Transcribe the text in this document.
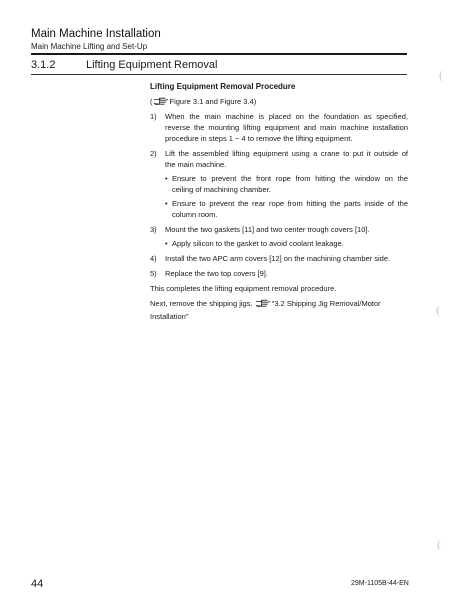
Main Machine Installation
Main Machine Lifting and Set-Up
3.1.2	Lifting Equipment Removal
Lifting Equipment Removal Procedure
( Figure 3.1 and Figure 3.4)
1) When the main machine is placed on the foundation as specified,
reverse the mounting lifting equipment and main machine installation
procedure in steps 1 ~ 4 to remove the lifting equipment.
2) Lift the assembled lifting equipment using a crane to put it outside of
the main machine.
• Ensure to prevent the front rope from hitting the window on the
ceiling of machining chamber.
• Ensure to prevent the rear rope from hitting the parts inside of the
column room.
3) Mount the two gaskets [11] and two center trough covers [10].
• Apply silicon to the gasket to avoid coolant leakage.
4) Install the two APC arm covers [12] on the machining chamber side.
5) Replace the two top covers [9].
This completes the lifting equipment removal procedure.
Next, remove the shipping jigs.	"3.2 Shipping Jig Removal/Motor
Installation"
44	29M-1105B-44-EN
(
(
(
